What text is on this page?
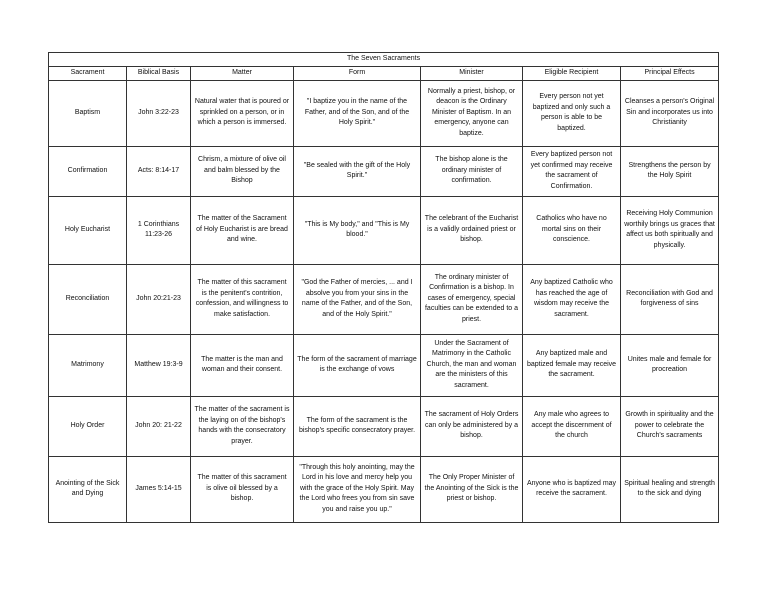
The Seven Sacraments						
Sacrament	Biblical Basis	Matter	Form	Minister	Eligible Recipient	Principal Effects
Baptism	John 3:22-23	Natural water that is poured or sprinkled on a person, or in which a person is immersed.	"I baptize you in the name of the Father, and of the Son, and of the Holy Spirit."	Normally a priest, bishop, or deacon is the Ordinary Minister of Baptism. In an emergency, anyone can baptize.	Every person not yet baptized and only such a person is able to be baptized.	Cleanses a person's Original Sin and incorporates us into Christianity
Confirmation	Acts: 8:14-17	Chrism, a mixture of olive oil and balm blessed by the Bishop	"Be sealed with the gift of the Holy Spirit."	The bishop alone is the ordinary minister of confirmation.	Every baptized person not yet confirmed may receive the sacrament of Confirmation.	Strengthens the person by the Holy Spirit
Holy Eucharist	1 Corinthians 11:23-26	The matter of the Sacrament of Holy Eucharist is are bread and wine.	"This is My body," and "This is My blood."	The celebrant of the Eucharist is a validly ordained priest or bishop.	Catholics who have no mortal sins on their conscience.	Receiving Holy Communion worthily brings us graces that affect us both spiritually and physically.
Reconciliation	John 20:21-23	The matter of this sacrament is the penitent's contrition, confession, and willingness to make satisfaction.	"God the Father of mercies, ... and I absolve you from your sins in the name of the Father, and of the Son, and of the Holy Spirit."	The ordinary minister of Confirmation is a bishop. In cases of emergency, special faculties can be extended to a priest.	Any baptized Catholic who has reached the age of wisdom may receive the sacrament.	Reconciliation with God and forgiveness of sins
Matrimony	Matthew 19:3-9	The matter is the man and woman and their consent.	The form of the sacrament of marriage is the exchange of vows	Under the Sacrament of Matrimony in the Catholic Church, the man and woman are the ministers of this sacrament.	Any baptized male and baptized female may receive the sacrament.	Unites male and female for procreation
Holy Order	John 20: 21-22	The matter of the sacrament is the laying on of the bishop's hands with the consecratory prayer.	The form of the sacrament is the bishop's specific consecratory prayer.	The sacrament of Holy Orders can only be administered by a bishop.	Any male who agrees to accept the discernment of the church	Growth in spirituality and the power to celebrate the Church's sacraments
Anointing of the Sick and Dying	James 5:14-15	The matter of this sacrament is olive oil blessed by a bishop.	"Through this holy anointing, may the Lord in his love and mercy help you with the grace of the Holy Spirit. May the Lord who frees you from sin save you and raise you up."	The Only Proper Minister of the Anointing of the Sick is the priest or bishop.	Anyone who is baptized may receive the sacrament.	Spiritual healing and strength to the sick and dying
